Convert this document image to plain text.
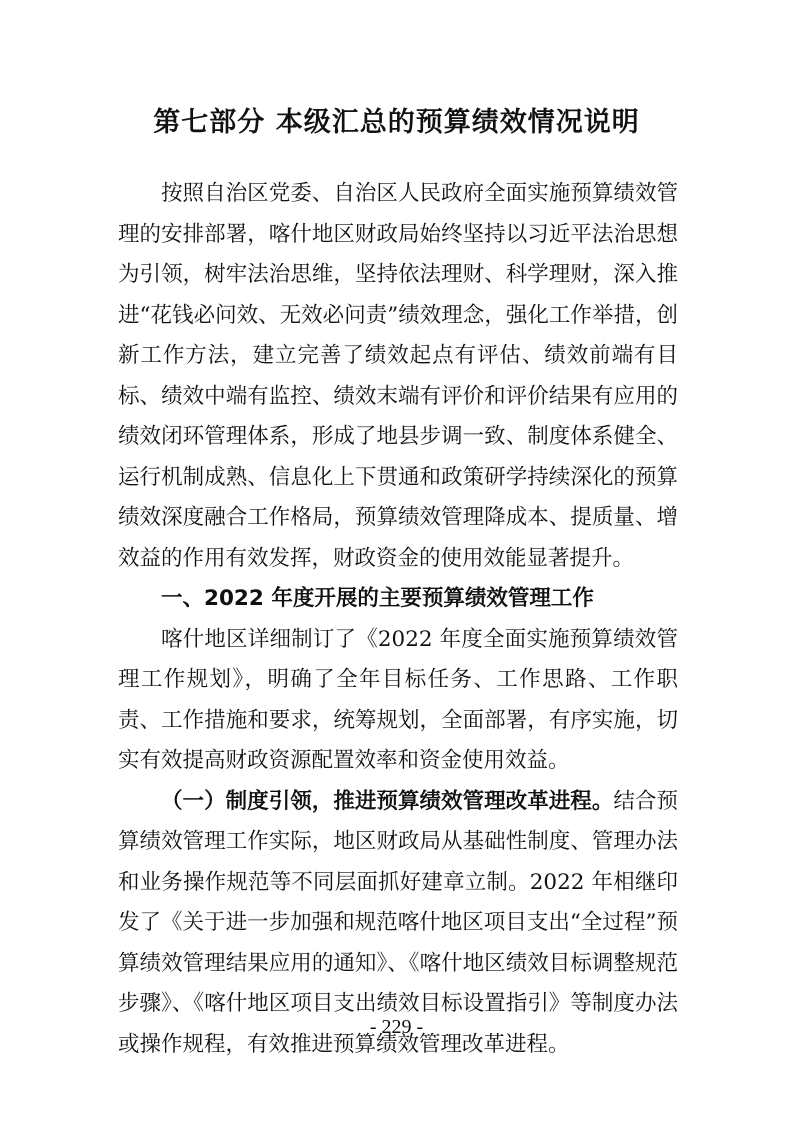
第七部分 本级汇总的预算绩效情况说明

按照自治区党委、自治区人民政府全面实施预算绩效管理的安排部署，喀什地区财政局始终坚持以习近平法治思想为引领，树牢法治思维，坚持依法理财、科学理财，深入推进“花钱必问效、无效必问责”绩效理念，强化工作举措，创新工作方法，建立完善了绩效起点有评估、绩效前端有目标、绩效中端有监控、绩效末端有评价和评价结果有应用的绩效闭环管理体系，形成了地县步调一致、制度体系健全、运行机制成熟、信息化上下贯通和政策研学持续深化的预算绩效深度融合工作格局，预算绩效管理降成本、提质量、增效益的作用有效发挥，财政资金的使用效能显著提升。

一、2022 年度开展的主要预算绩效管理工作

喀什地区详细制订了《2022 年度全面实施预算绩效管理工作规划》，明确了全年目标任务、工作思路、工作职责、工作措施和要求，统筹规划，全面部署，有序实施，切实有效提高财政资源配置效率和资金使用效益。

（一）制度引领，推进预算绩效管理改革进程。结合预算绩效管理工作实际，地区财政局从基础性制度、管理办法和业务操作规范等不同层面抓好建章立制。2022 年相继印发了《关于进一步加强和规范喀什地区项目支出“全过程”预算绩效管理结果应用的通知》、《喀什地区绩效目标调整规范步骤》、《喀什地区项目支出绩效目标设置指引》等制度办法或操作规程，有效推进预算绩效管理改革进程。

- 229 -
